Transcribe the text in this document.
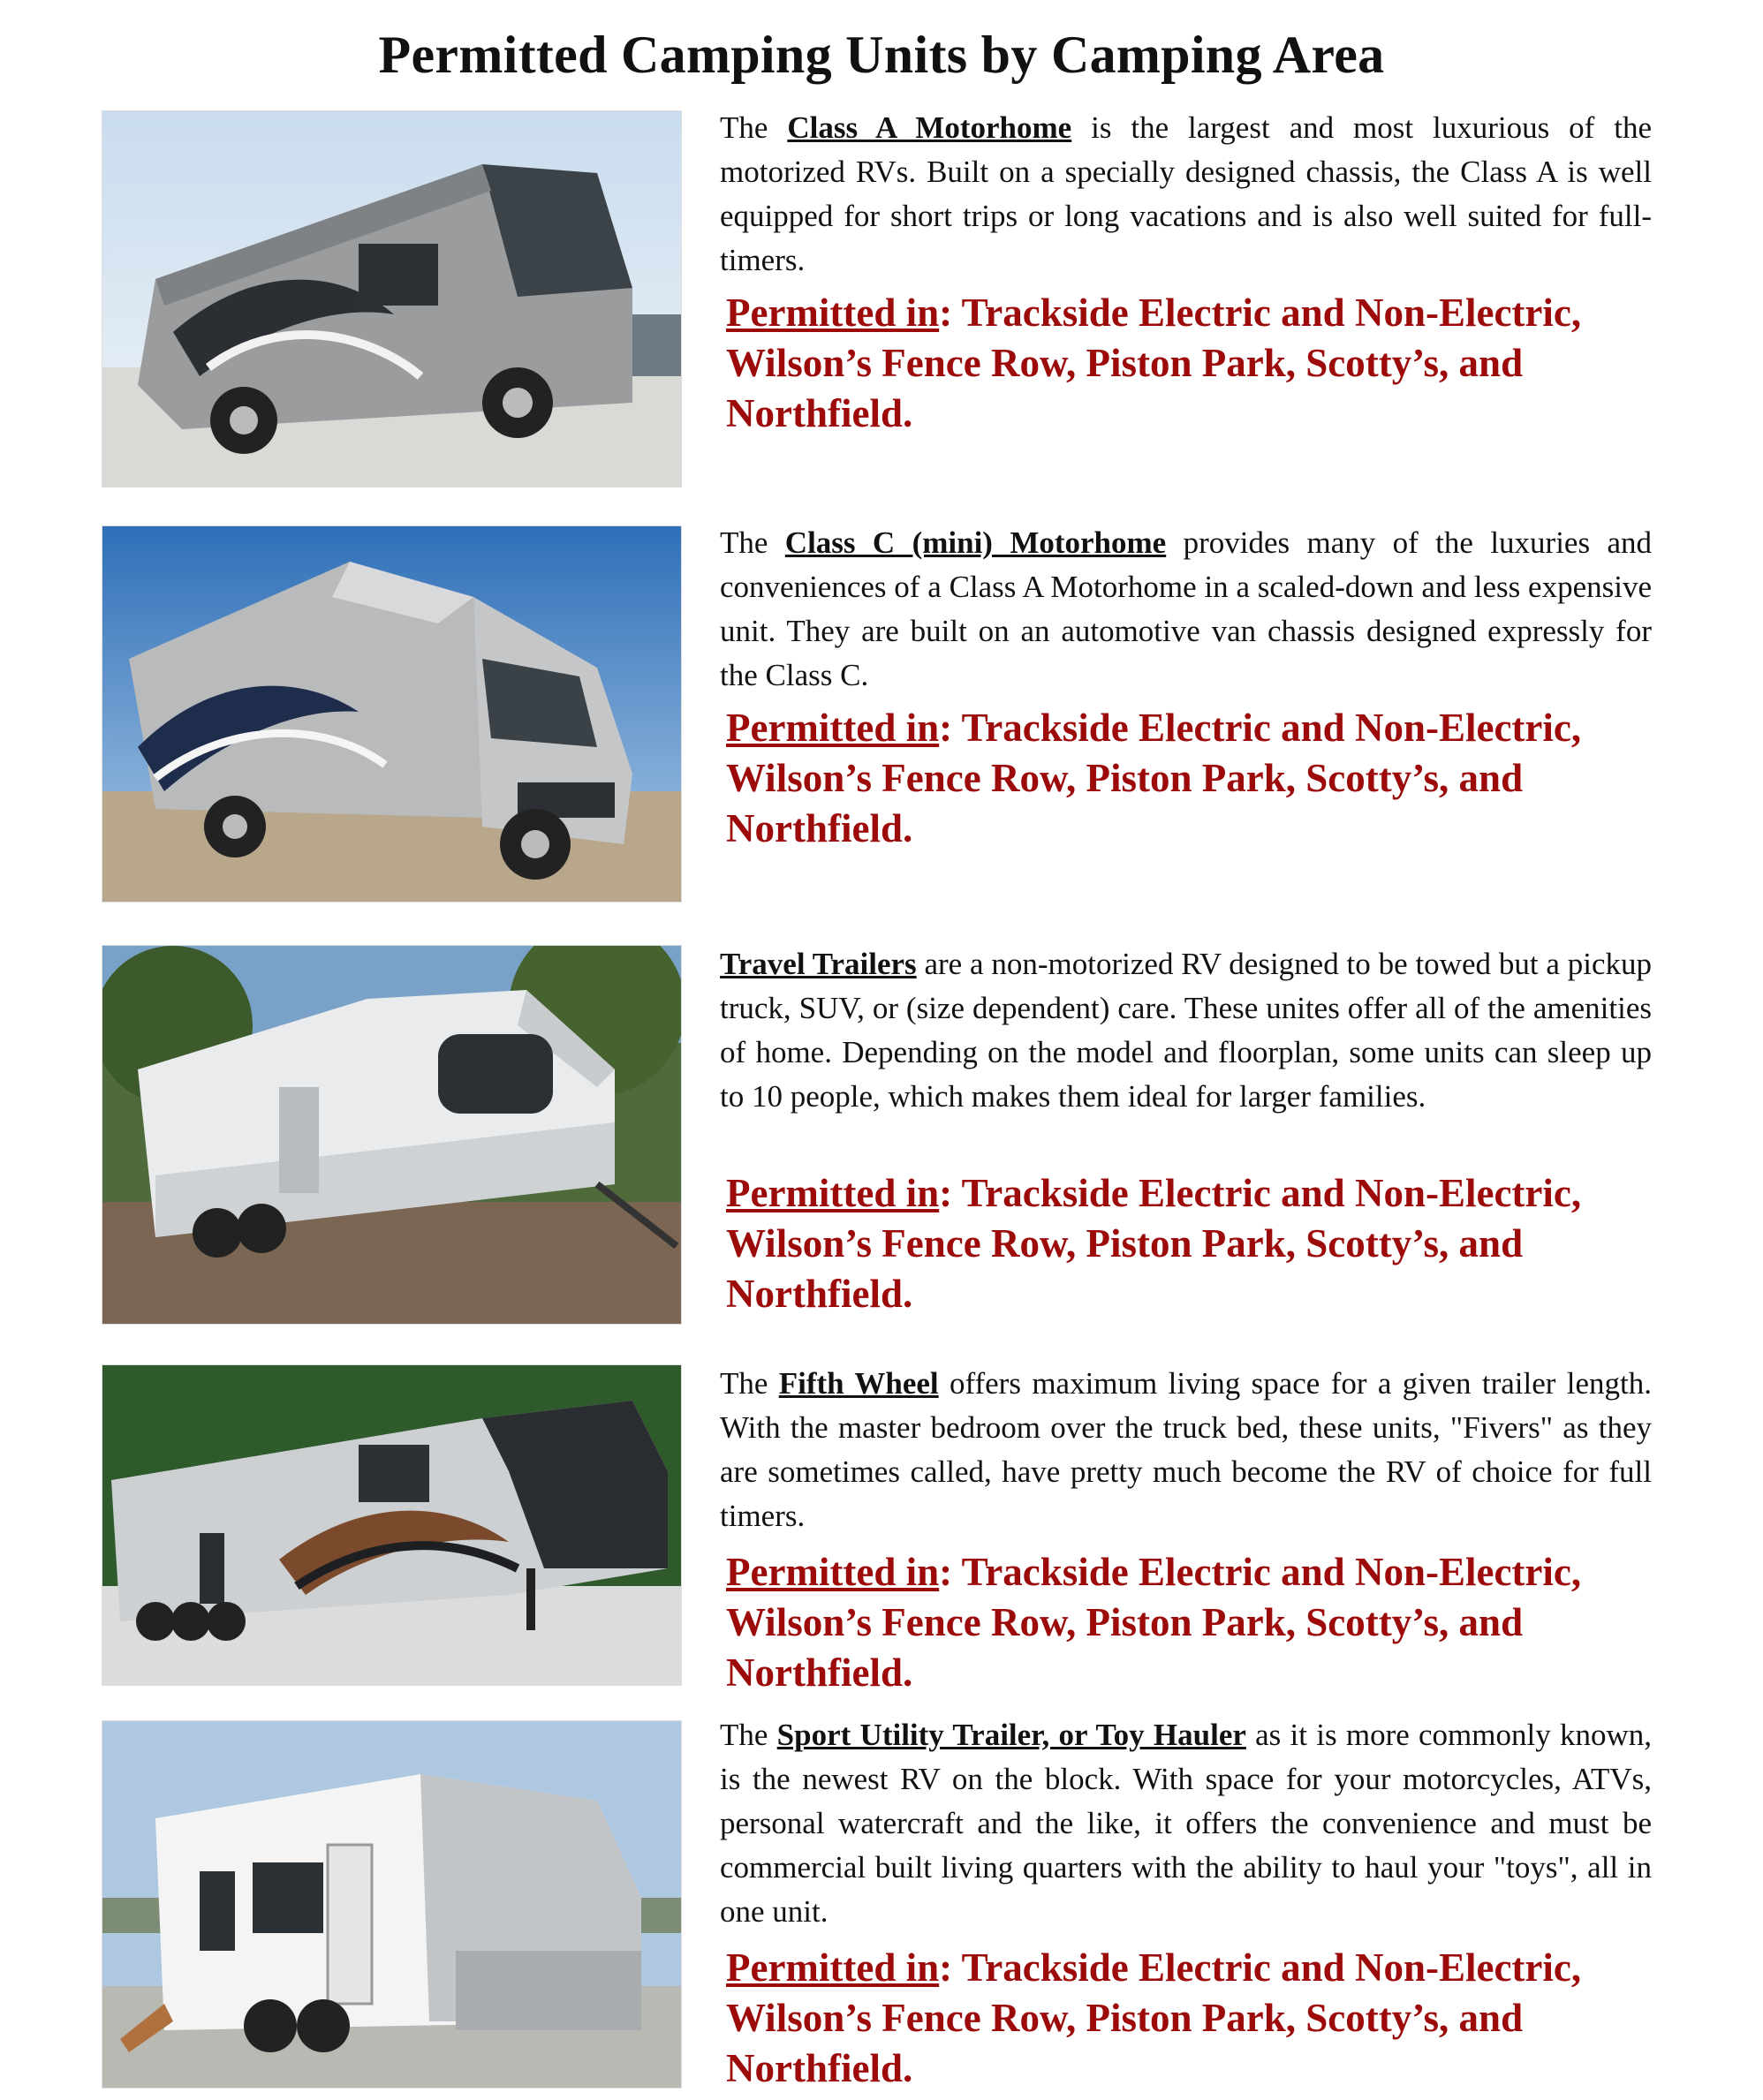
Permitted Camping Units by Camping Area

The Class A Motorhome is the largest and most luxurious of the motorized RVs. Built on a specially designed chassis, the Class A is well equipped for short trips or long vacations and is also well suited for full-timers.

Permitted in: Trackside Electric and Non-Electric, Wilson’s Fence Row, Piston Park, Scotty’s, and Northfield.

The Class C (mini) Motorhome provides many of the luxuries and conveniences of a Class A Motorhome in a scaled-down and less expensive unit. They are built on an automotive van chassis designed expressly for the Class C.

Permitted in: Trackside Electric and Non-Electric, Wilson’s Fence Row, Piston Park, Scotty’s, and Northfield.

Travel Trailers are a non-motorized RV designed to be towed but a pickup truck, SUV, or (size dependent) care. These unites offer all of the amenities of home. Depending on the model and floorplan, some units can sleep up to 10 people, which makes them ideal for larger families.

Permitted in: Trackside Electric and Non-Electric, Wilson’s Fence Row, Piston Park, Scotty’s, and Northfield.

The Fifth Wheel offers maximum living space for a given trailer length. With the master bedroom over the truck bed, these units, "Fivers" as they are sometimes called, have pretty much become the RV of choice for full timers.

Permitted in: Trackside Electric and Non-Electric, Wilson’s Fence Row, Piston Park, Scotty’s, and Northfield.

The Sport Utility Trailer, or Toy Hauler as it is more commonly known, is the newest RV on the block. With space for your motorcycles, ATVs, personal watercraft and the like, it offers the convenience and must be commercial built living quarters with the ability to haul your "toys", all in one unit.

Permitted in: Trackside Electric and Non-Electric, Wilson’s Fence Row, Piston Park, Scotty’s, and Northfield.
